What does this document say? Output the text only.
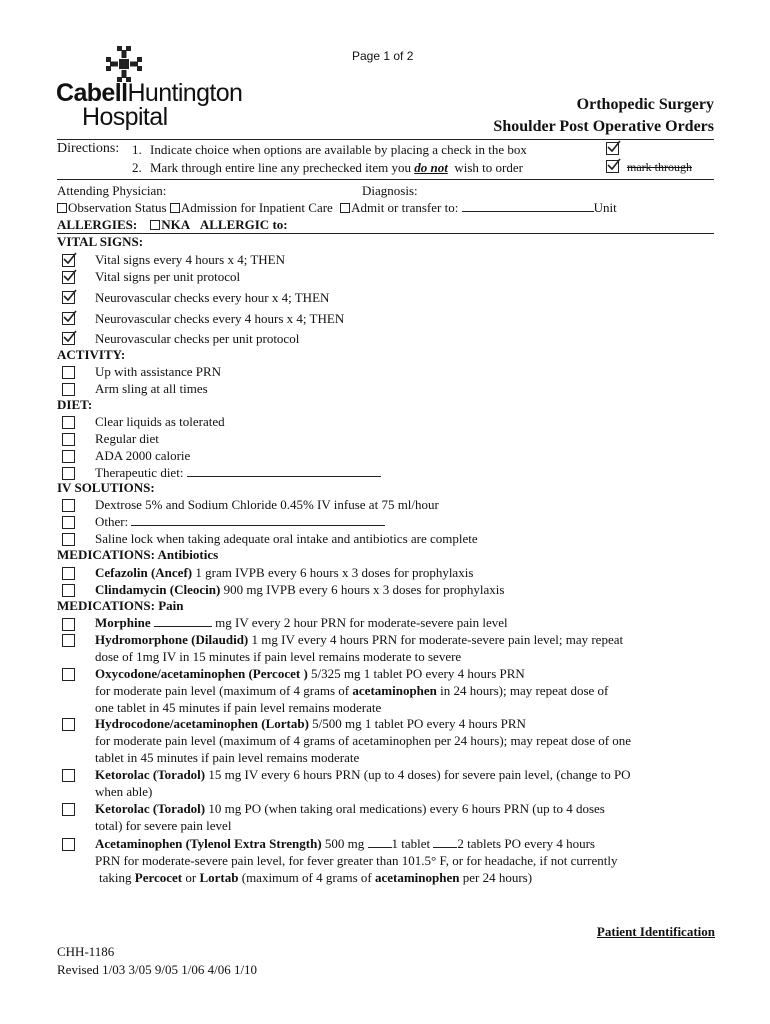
Page 1 of 2
CabellHuntington
Hospital	Orthopedic Surgery
Shoulder Post Operative Orders
Directions: 1. Indicate choice when options are available by placing a check in the box
2. Mark through entire line any prechecked item you do not wish to order	mark through
Attending Physician:	Diagnosis:
Observation Status Admission for Inpatient Care Admit or transfer to:	Unit
ALLERGIES: NKA ALLERGIC to:
VITAL SIGNS:
Vital signs every 4 hours x 4; THEN
Vital signs per unit protocol
Neurovascular checks every hour x 4; THEN
Neurovascular checks every 4 hours x 4; THEN
Neurovascular checks per unit protocol
ACTIVITY:
Up with assistance PRN
Arm sling at all times
DIET:
Clear liquids as tolerated
Regular diet
ADA 2000 calorie
Therapeutic diet:
IV SOLUTIONS:
Dextrose 5% and Sodium Chloride 0.45% IV infuse at 75 ml/hour
Other:
Saline lock when taking adequate oral intake and antibiotics are complete
MEDICATIONS: Antibiotics
Cefazolin (Ancef) 1 gram IVPB every 6 hours x 3 doses for prophylaxis
Clindamycin (Cleocin) 900 mg IVPB every 6 hours x 3 doses for prophylaxis
MEDICATIONS: Pain
Morphine	mg IV every 2 hour PRN for moderate-severe pain level
Hydromorphone (Dilaudid) 1 mg IV every 4 hours PRN for moderate-severe pain level; may repeat
dose of 1mg IV in 15 minutes if pain level remains moderate to severe
Oxycodone/acetaminophen (Percocet ) 5/325 mg 1 tablet PO every 4 hours PRN
for moderate pain level (maximum of 4 grams of acetaminophen in 24 hours); may repeat dose of
one tablet in 45 minutes if pain level remains moderate
Hydrocodone/acetaminophen (Lortab) 5/500 mg 1 tablet PO every 4 hours PRN
for moderate pain level (maximum of 4 grams of acetaminophen per 24 hours); may repeat dose of one
tablet in 45 minutes if pain level remains moderate
Ketorolac (Toradol) 15 mg IV every 6 hours PRN (up to 4 doses) for severe pain level, (change to PO
when able)
Ketorolac (Toradol) 10 mg PO (when taking oral medications) every 6 hours PRN (up to 4 doses
total) for severe pain level
Acetaminophen (Tylenol Extra Strength) 500 mg 1 tablet 2 tablets PO every 4 hours
PRN for moderate-severe pain level, for fever greater than 101.5° F, or for headache, if not currently
taking Percocet or Lortab (maximum of 4 grams of acetaminophen per 24 hours)
Patient Identification
CHH-1186
Revised 1/03 3/05 9/05 1/06 4/06 1/10
